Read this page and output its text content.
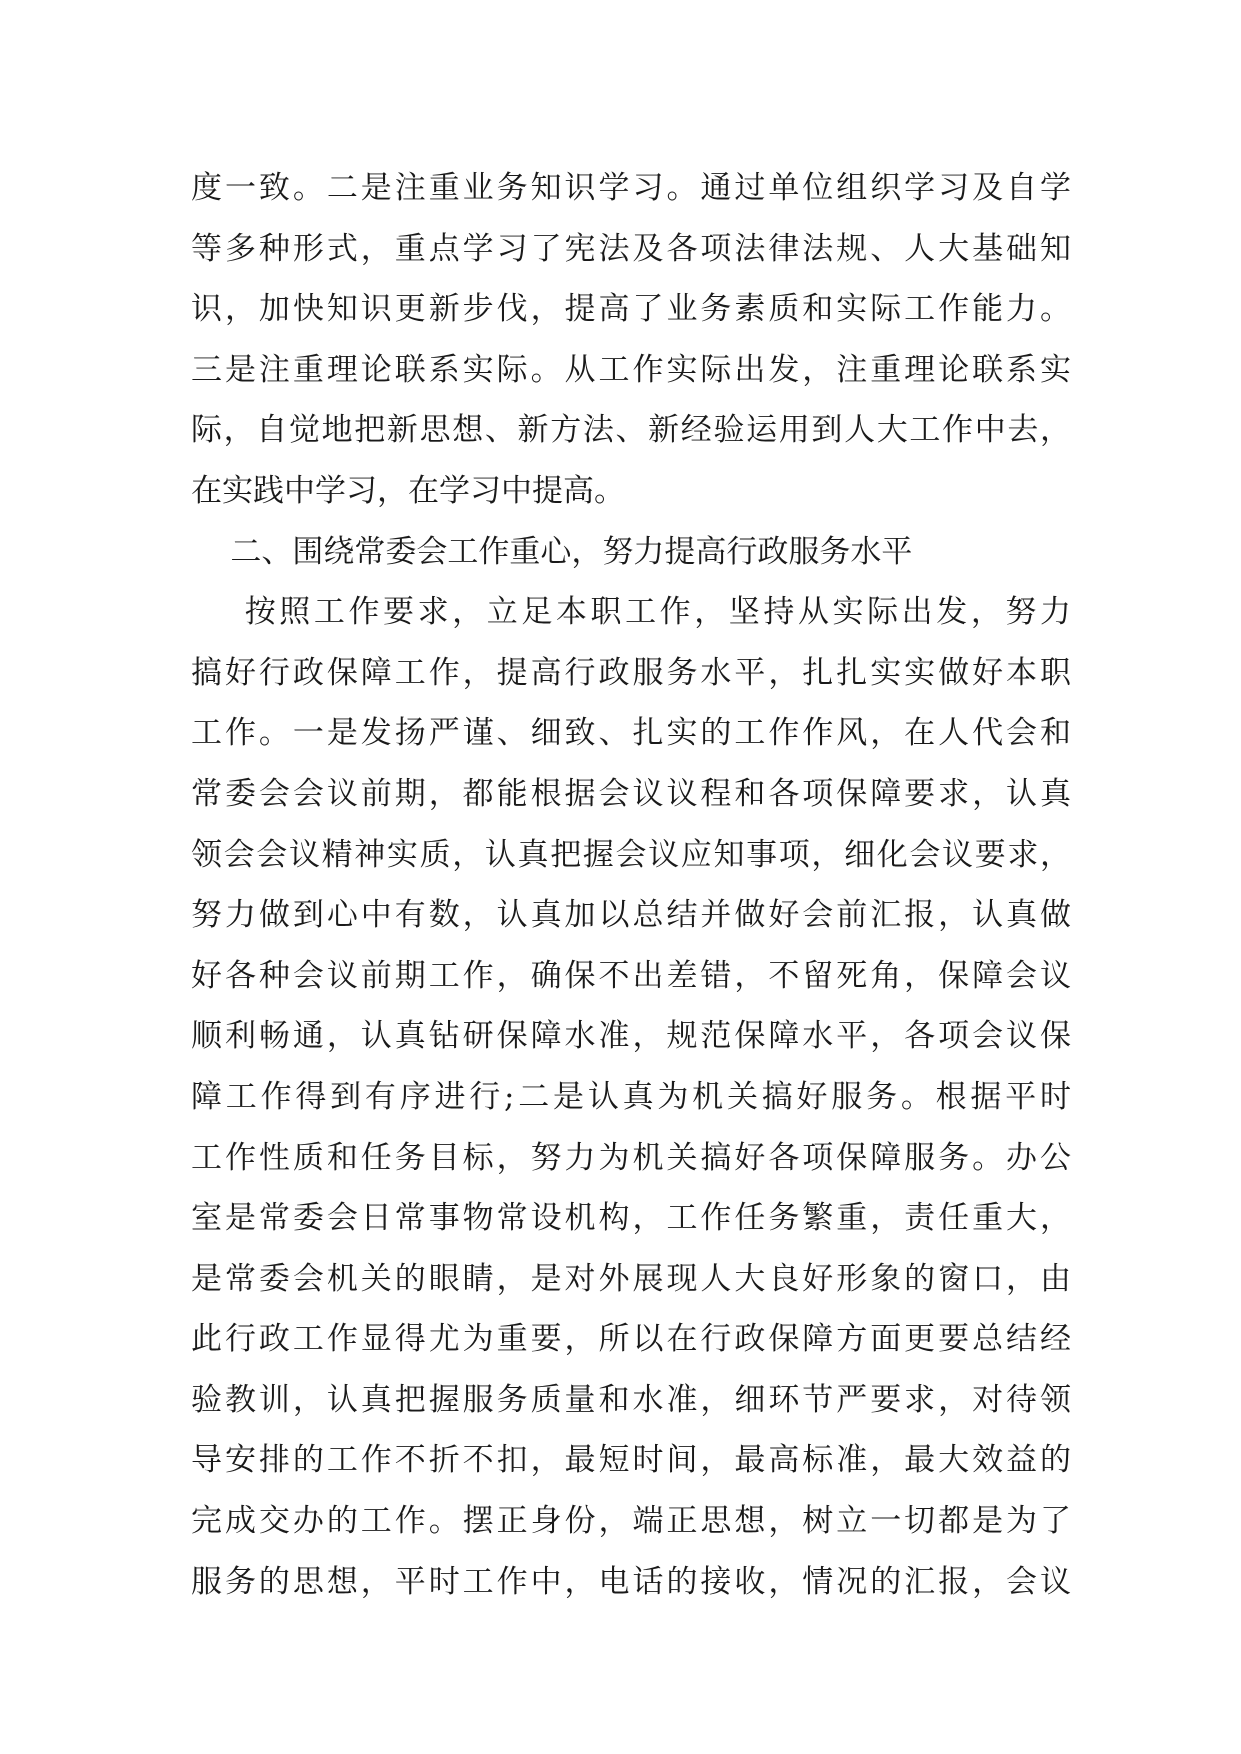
度一致。二是注重业务知识学习。通过单位组织学习及自学
等多种形式，重点学习了宪法及各项法律法规、人大基础知
识，加快知识更新步伐，提高了业务素质和实际工作能力。
三是注重理论联系实际。从工作实际出发，注重理论联系实
际，自觉地把新思想、新方法、新经验运用到人大工作中去，
在实践中学习，在学习中提高。
二、围绕常委会工作重心，努力提高行政服务水平
按照工作要求，立足本职工作，坚持从实际出发，努力
搞好行政保障工作，提高行政服务水平，扎扎实实做好本职
工作。一是发扬严谨、细致、扎实的工作作风，在人代会和
常委会会议前期，都能根据会议议程和各项保障要求，认真
领会会议精神实质，认真把握会议应知事项，细化会议要求，
努力做到心中有数，认真加以总结并做好会前汇报，认真做
好各种会议前期工作，确保不出差错，不留死角，保障会议
顺利畅通，认真钻研保障水准，规范保障水平，各项会议保
障工作得到有序进行;二是认真为机关搞好服务。根据平时
工作性质和任务目标，努力为机关搞好各项保障服务。办公
室是常委会日常事物常设机构，工作任务繁重，责任重大，
是常委会机关的眼睛，是对外展现人大良好形象的窗口，由
此行政工作显得尤为重要，所以在行政保障方面更要总结经
验教训，认真把握服务质量和水准，细环节严要求，对待领
导安排的工作不折不扣，最短时间，最高标准，最大效益的
完成交办的工作。摆正身份，端正思想，树立一切都是为了
服务的思想，平时工作中，电话的接收，情况的汇报，会议
